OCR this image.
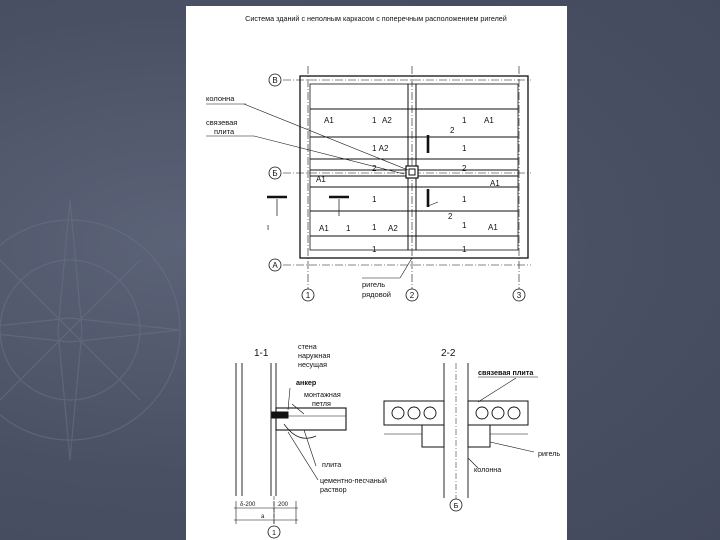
Система зданий с неполным каркасом с поперечным расположением ригелей
В
Б
А
1	2	3
колонна
связевая
плита
I
ригель
рядовой
А1	1 А2
2
1 А1
1 А2	1
2	2
А1	А1
1	1
2
А1 1	1 А2	1	А1
1	1
1-1
стена
наружная
несущая
анкер
монтажная
петля
плита
цементно-песчаный
раствор
δ-200	200
а
1
2-2
связевая плита
ригель
колонна
Б
